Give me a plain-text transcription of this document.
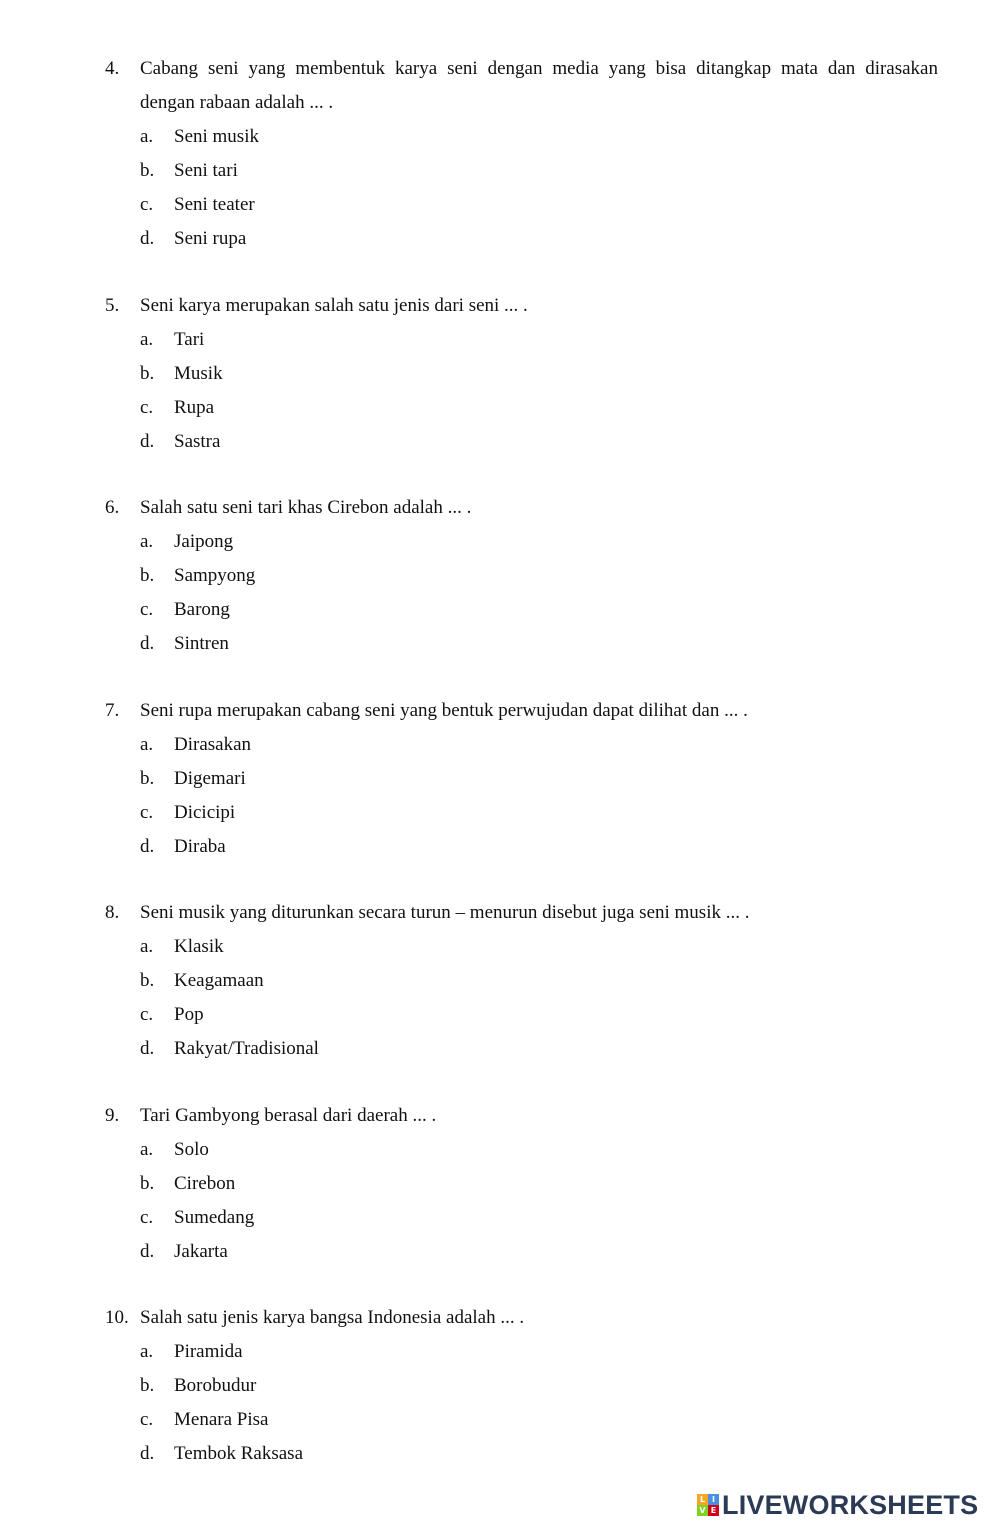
4. Cabang seni yang membentuk karya seni dengan media yang bisa ditangkap mata dan dirasakan
dengan rabaan adalah ... .
a. Seni musik
b. Seni tari
c. Seni teater
d. Seni rupa
5. Seni karya merupakan salah satu jenis dari seni ... .
a. Tari
b. Musik
c. Rupa
d. Sastra
6. Salah satu seni tari khas Cirebon adalah ... .
a. Jaipong
b. Sampyong
c. Barong
d. Sintren
7. Seni rupa merupakan cabang seni yang bentuk perwujudan dapat dilihat dan ... .
a. Dirasakan
b. Digemari
c. Dicicipi
d. Diraba
8. Seni musik yang diturunkan secara turun – menurun disebut juga seni musik ... .
a. Klasik
b. Keagamaan
c. Pop
d. Rakyat/Tradisional
9. Tari Gambyong berasal dari daerah ... .
a. Solo
b. Cirebon
c. Sumedang
d. Jakarta
10. Salah satu jenis karya bangsa Indonesia adalah ... .
a. Piramida
b. Borobudur
c. Menara Pisa
d. Tembok Raksasa
L I
V E LIVEWORKSHEETS
